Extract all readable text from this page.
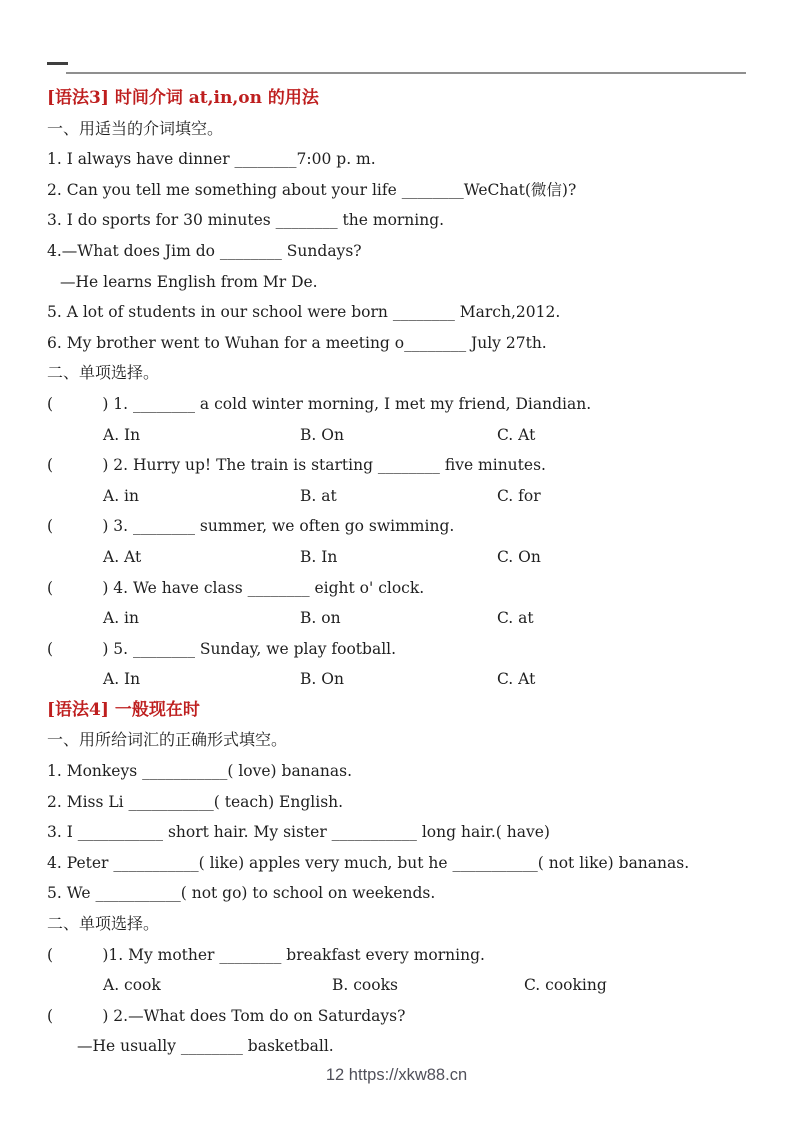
[语法3] 时间介词 at,in,on 的用法
一、用适当的介词填空。
1. I always have dinner ________7:00 p. m.
2. Can you tell me something about your life ________WeChat(微信)?
3. I do sports for 30 minutes ________ the morning.
4.—What does Jim do ________ Sundays?
—He learns English from Mr De.
5. A lot of students in our school were born ________ March,2012.
6. My brother went to Wuhan for a meeting o________ July 27th.
二、单项选择。
(          ) 1. ________ a cold winter morning, I met my friend, Diandian.

A. In

	B. On

	C. At

(          ) 2. Hurry up! The train is starting ________ five minutes.

A. in

	B. at

	C. for

(          ) 3. ________ summer, we often go swimming.

A. At

	B. In

	C. On

(          ) 4. We have class ________ eight o' clock.

A. in

	B. on

	C. at

(          ) 5. ________ Sunday, we play football.

A. In

	B. On

	C. At

[语法4] 一般现在时
一、用所给词汇的正确形式填空。
1. Monkeys ___________( love) bananas.
2. Miss Li ___________( teach) English.
3. I ___________ short hair. My sister ___________ long hair.( have)
4. Peter ___________( like) apples very much, but he ___________( not like) bananas.
5. We ___________( not go) to school on weekends.
二、单项选择。
(          )1. My mother ________ breakfast every morning.

A. cook

	B. cooks

	C. cooking

(          ) 2.—What does Tom do on Saturdays?
—He usually ________ basketball.
12 https://xkw88.cn
